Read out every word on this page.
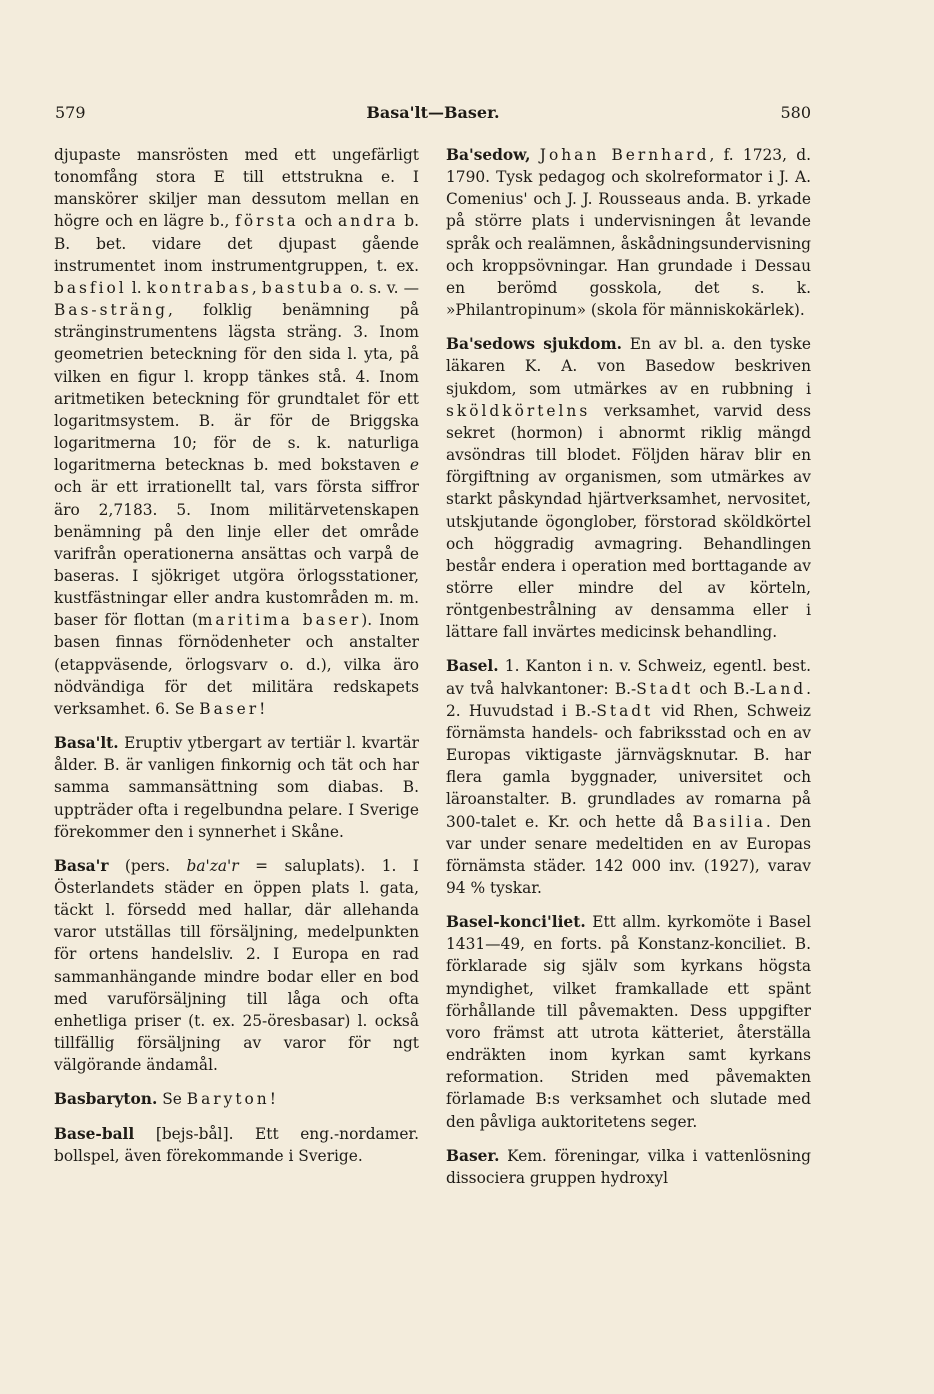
579	Basa'lt—Baser.	580

djupaste mansrösten med ett ungefärligt tonomfång stora E till ettstrukna e. I manskörer skiljer man dessutom mellan en högre och en lägre b., första och andra b. B. bet. vidare det djupast gående instrumentet inom instrumentgruppen, t. ex. basfiol l. kontrabas, bastuba o. s. v. — Bas-sträng, folklig benämning på stränginstrumentens lägsta sträng. 3. Inom geometrien beteckning för den sida l. yta, på vilken en figur l. kropp tänkes stå. 4. Inom aritmetiken beteckning för grundtalet för ett logaritmsystem. B. är för de Briggska logaritmerna 10; för de s. k. naturliga logaritmerna betecknas b. med bokstaven e och är ett irrationellt tal, vars första siffror äro 2,7183. 5. Inom militärvetenskapen benämning på den linje eller det område varifrån operationerna ansättas och varpå de baseras. I sjökriget utgöra örlogsstationer, kustfästningar eller andra kustområden m. m. baser för flottan (maritima baser). Inom basen finnas förnödenheter och anstalter (etappväsende, örlogsvarv o. d.), vilka äro nödvändiga för det militära redskapets verksamhet. 6. Se Baser!

Basa'lt. Eruptiv ytbergart av tertiär l. kvartär ålder. B. är vanligen finkornig och tät och har samma sammansättning som diabas. B. uppträder ofta i regelbundna pelare. I Sverige förekommer den i synnerhet i Skåne.

Basa'r (pers. ba'za'r = saluplats). 1. I Österlandets städer en öppen plats l. gata, täckt l. försedd med hallar, där allehanda varor utställas till försäljning, medelpunkten för ortens handelsliv. 2. I Europa en rad sammanhängande mindre bodar eller en bod med varuförsäljning till låga och ofta enhetliga priser (t. ex. 25-öresbasar) l. också tillfällig försäljning av varor för ngt välgörande ändamål.

Basbaryton. Se Baryton!

Base-ball [bejs-bål]. Ett eng.-nordamer. bollspel, även förekommande i Sverige.

Ba'sedow, Johan Bernhard, f. 1723, d. 1790. Tysk pedagog och skolreformator i J. A. Comenius' och J. J. Rousseaus anda. B. yrkade på större plats i undervisningen åt levande språk och realämnen, åskådningsundervisning och kroppsövningar. Han grundade i Dessau en berömd gosskola, det s. k. »Philantropinum» (skola för människokärlek).

Ba'sedows sjukdom. En av bl. a. den tyske läkaren K. A. von Basedow beskriven sjukdom, som utmärkes av en rubbning i sköldkörtelns verksamhet, varvid dess sekret (hormon) i abnormt riklig mängd avsöndras till blodet. Följden härav blir en förgiftning av organismen, som utmärkes av starkt påskyndad hjärtverksamhet, nervositet, utskjutande ögonglober, förstorad sköldkörtel och höggradig avmagring. Behandlingen består endera i operation med borttagande av större eller mindre del av körteln, röntgenbestrålning av densamma eller i lättare fall invärtes medicinsk behandling.

Basel. 1. Kanton i n. v. Schweiz, egentl. best. av två halvkantoner: B.-Stadt och B.-Land. 2. Huvudstad i B.-Stadt vid Rhen, Schweiz förnämsta handels- och fabriksstad och en av Europas viktigaste järnvägsknutar. B. har flera gamla byggnader, universitet och läroanstalter. B. grundlades av romarna på 300-talet e. Kr. och hette då Basilia. Den var under senare medeltiden en av Europas förnämsta städer. 142 000 inv. (1927), varav 94 % tyskar.

Basel-konci'liet. Ett allm. kyrkomöte i Basel 1431—49, en forts. på Konstanz-konciliet. B. förklarade sig själv som kyrkans högsta myndighet, vilket framkallade ett spänt förhållande till påvemakten. Dess uppgifter voro främst att utrota kätteriet, återställa endräkten inom kyrkan samt kyrkans reformation. Striden med påvemakten förlamade B:s verksamhet och slutade med den påvliga auktoritetens seger.

Baser. Kem. föreningar, vilka i vattenlösning dissociera gruppen hydroxyl
